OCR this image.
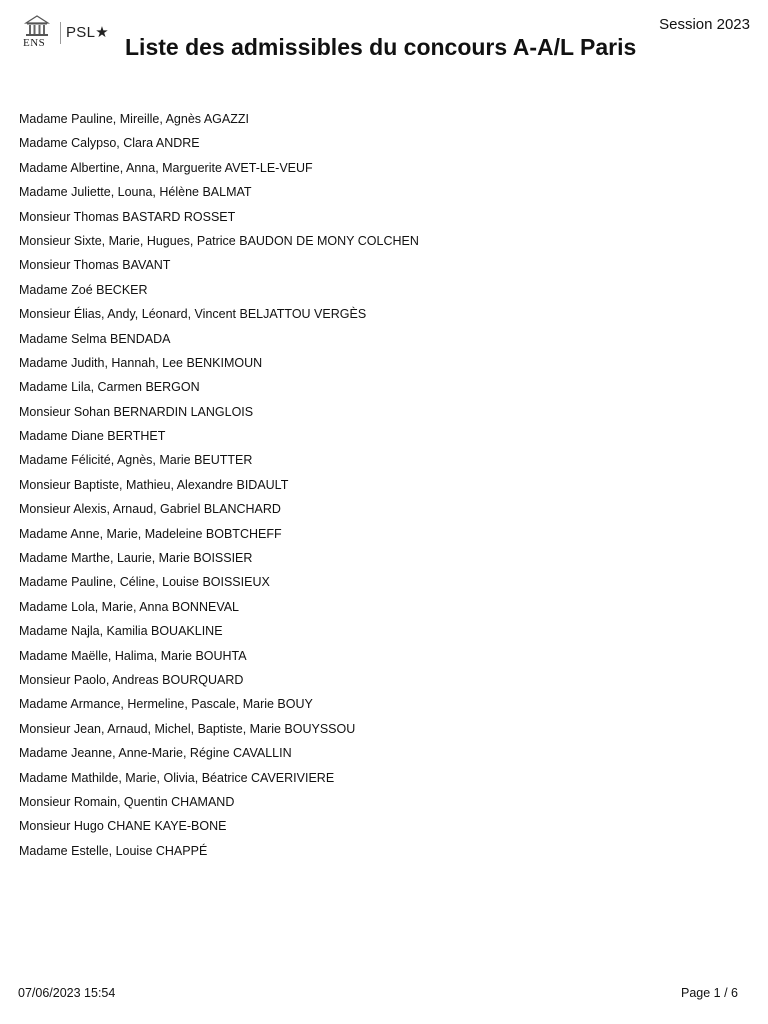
ENS
PSL★	Session 2023
Liste des admissibles du concours A-A/L Paris
Madame Pauline, Mireille, Agnès AGAZZI
Madame Calypso, Clara ANDRE
Madame Albertine, Anna, Marguerite AVET-LE-VEUF
Madame Juliette, Louna, Hélène BALMAT
Monsieur Thomas BASTARD ROSSET
Monsieur Sixte, Marie, Hugues, Patrice BAUDON DE MONY COLCHEN
Monsieur Thomas BAVANT
Madame Zoé BECKER
Monsieur Élias, Andy, Léonard, Vincent BELJATTOU VERGÈS
Madame Selma BENDADA
Madame Judith, Hannah, Lee BENKIMOUN
Madame Lila, Carmen BERGON
Monsieur Sohan BERNARDIN LANGLOIS
Madame Diane BERTHET
Madame Félicité, Agnès, Marie BEUTTER
Monsieur Baptiste, Mathieu, Alexandre BIDAULT
Monsieur Alexis, Arnaud, Gabriel BLANCHARD
Madame Anne, Marie, Madeleine BOBTCHEFF
Madame Marthe, Laurie, Marie BOISSIER
Madame Pauline, Céline, Louise BOISSIEUX
Madame Lola, Marie, Anna BONNEVAL
Madame Najla, Kamilia BOUAKLINE
Madame Maëlle, Halima, Marie BOUHTA
Monsieur Paolo, Andreas BOURQUARD
Madame Armance, Hermeline, Pascale, Marie BOUY
Monsieur Jean, Arnaud, Michel, Baptiste, Marie BOUYSSOU
Madame Jeanne, Anne-Marie, Régine CAVALLIN
Madame Mathilde, Marie, Olivia, Béatrice CAVERIVIERE
Monsieur Romain, Quentin CHAMAND
Monsieur Hugo CHANE KAYE-BONE
Madame Estelle, Louise CHAPPÉ
07/06/2023 15:54	Page 1 / 6
